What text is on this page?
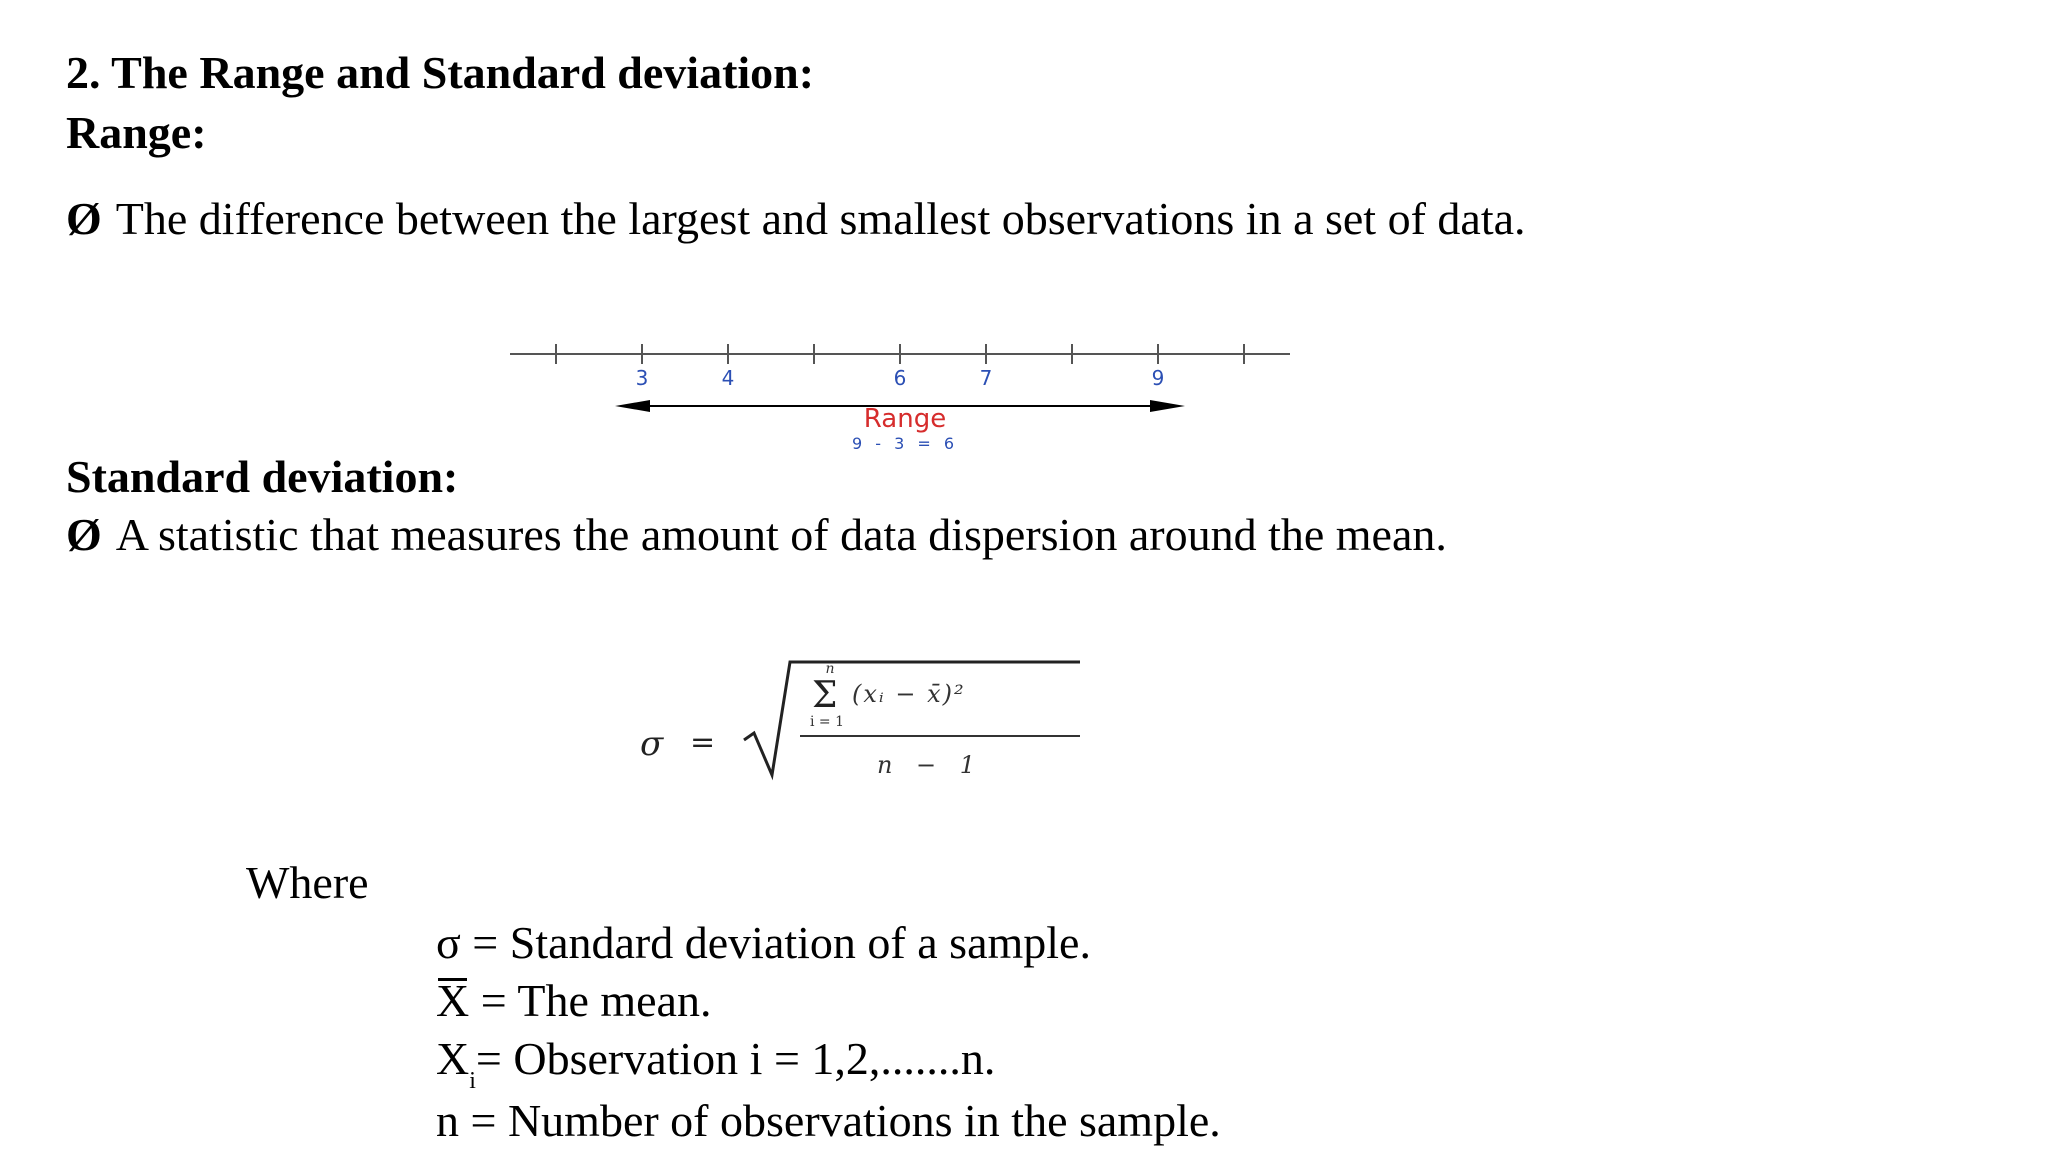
2. The Range and Standard deviation:
Range:
Ø The difference between the largest and smallest observations in a set of data.
3	4	6	7	9
Range
9 - 3 = 6
Standard deviation:
Ø A statistic that measures the amount of data dispersion around the mean.
σ =
n
Σ
i = 1
(xᵢ − x̄)²
n − 1
Where
σ = Standard deviation of a sample.
X = The mean.
$X_i=$ Observation i = 1,2,.......n.
n = Number of observations in the sample.
